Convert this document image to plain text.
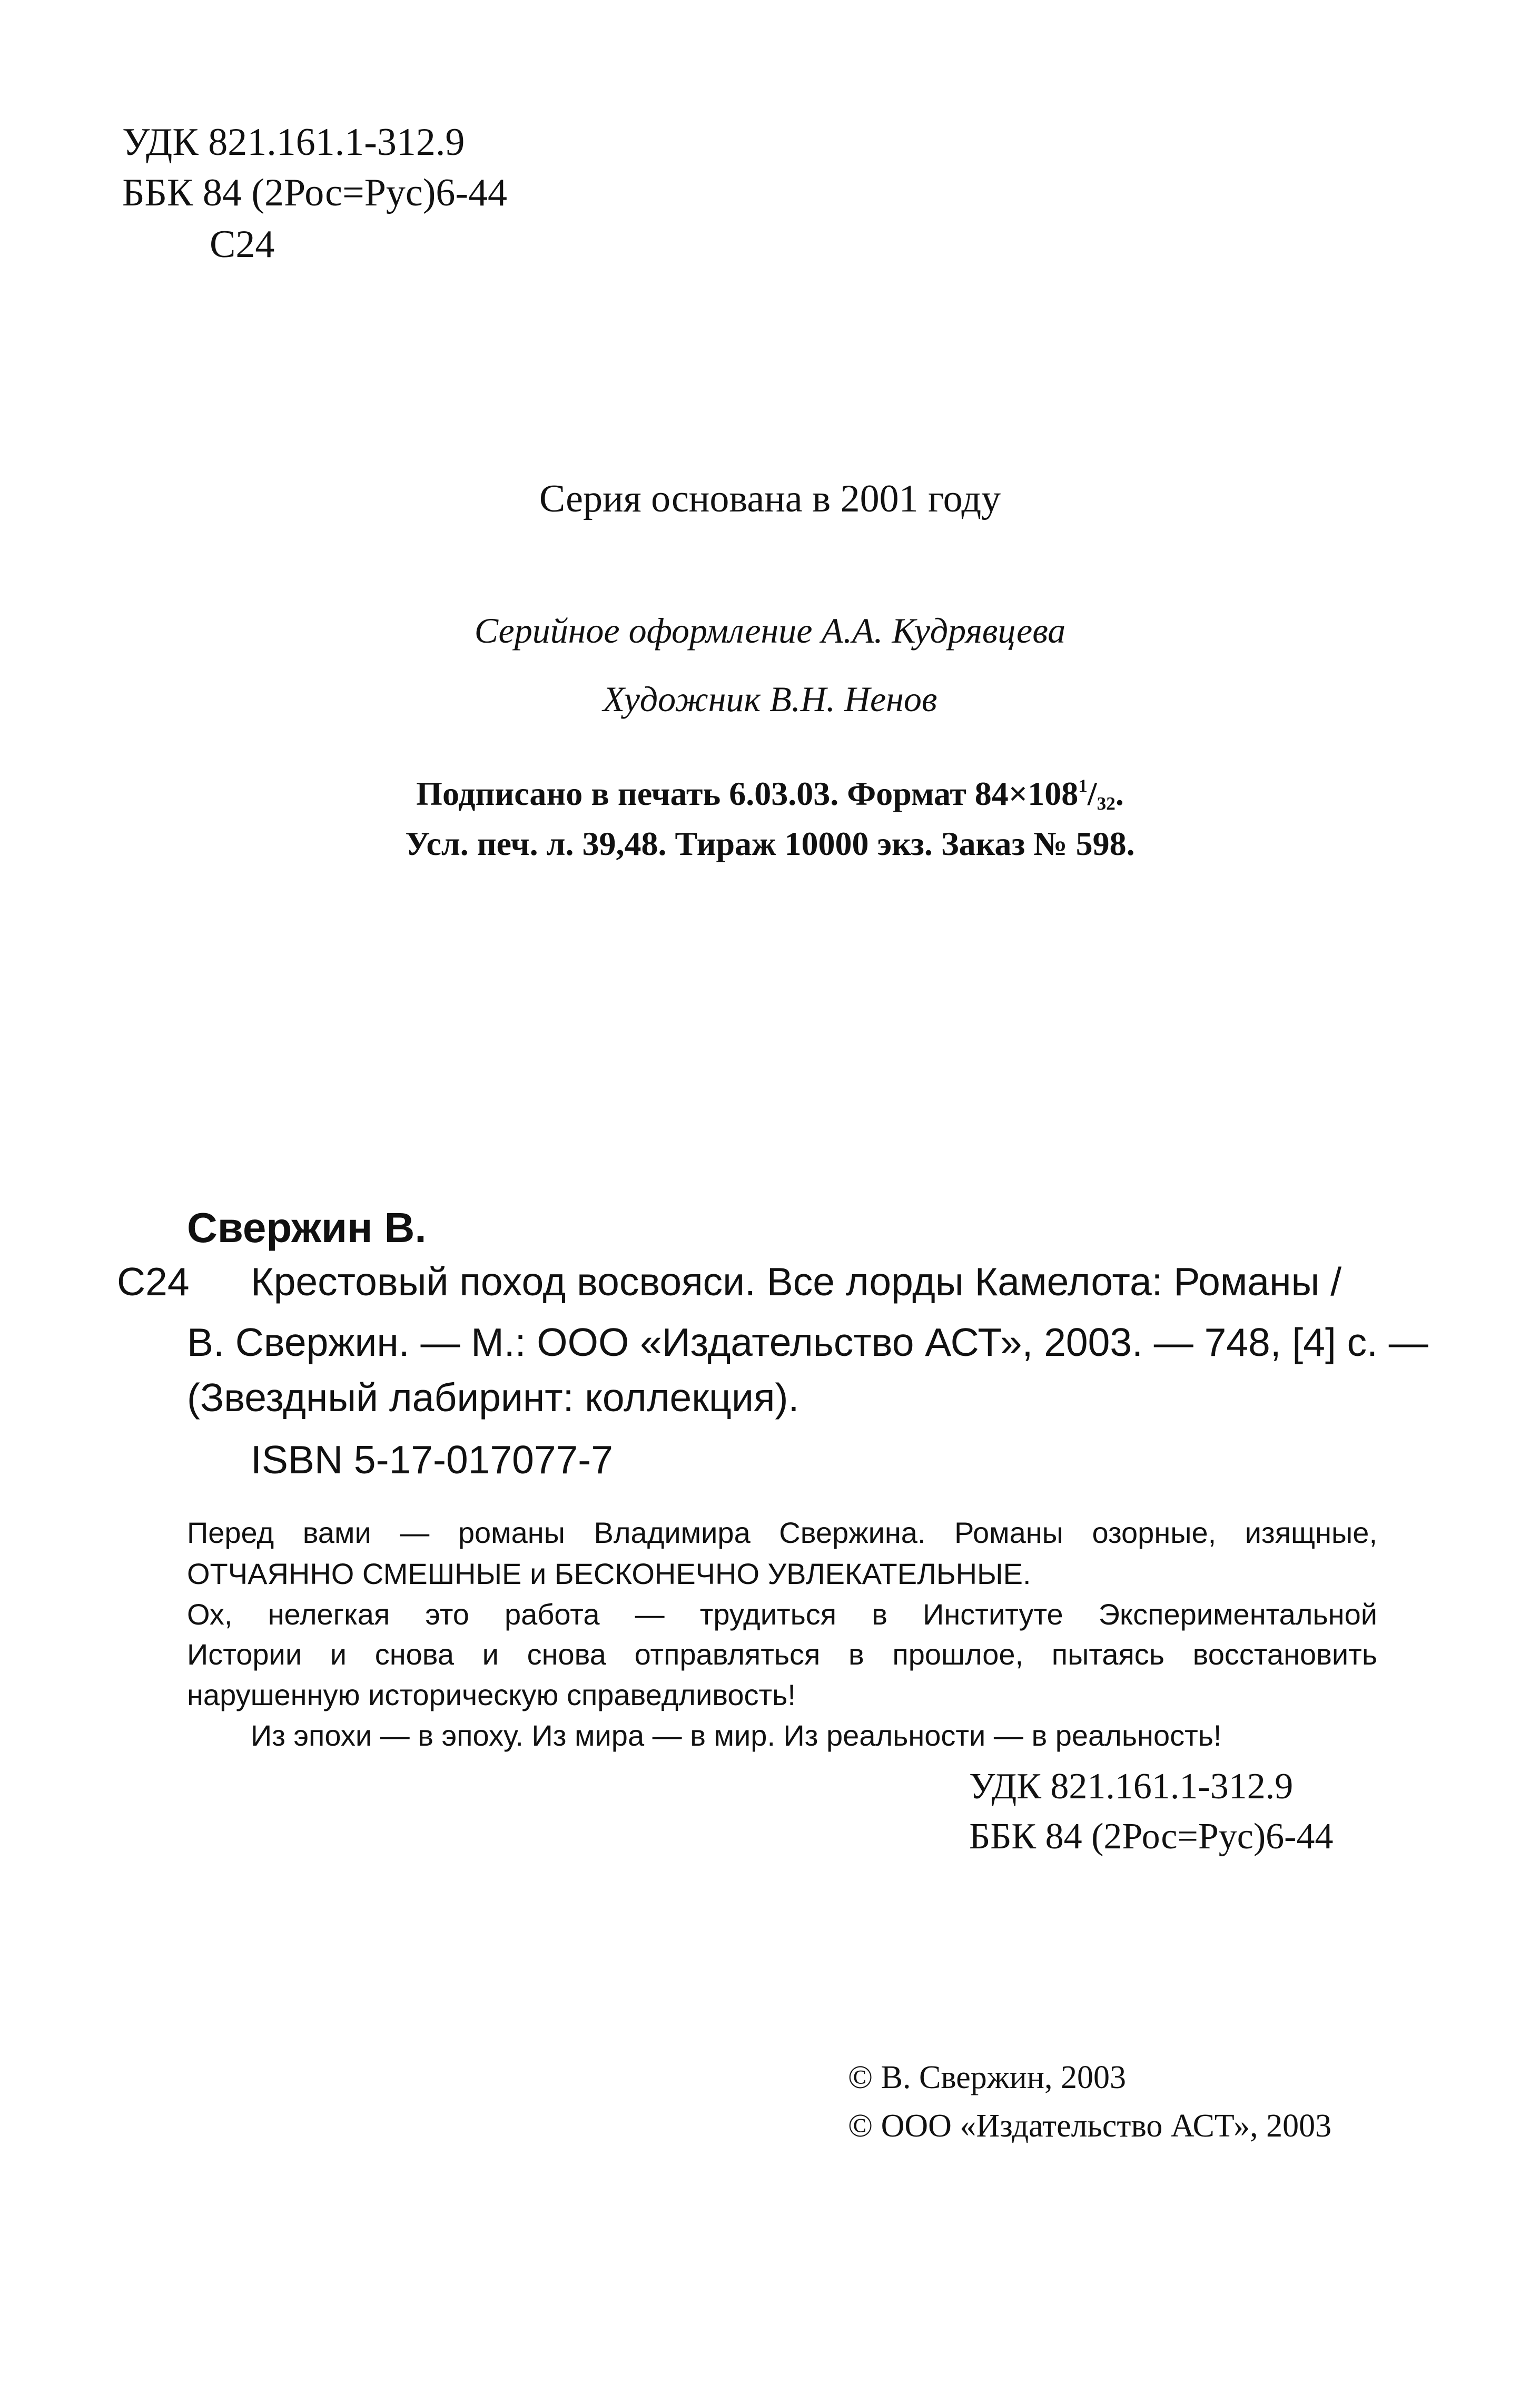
УДК 821.161.1-312.9
ББК 84 (2Рос=Рус)6-44
С24
Серия основана в 2001 году
Серийное оформление А.А. Кудрявцева
Художник В.Н. Ненов
Подписано в печать 6.03.03. Формат $84\times 108^1/_{32}$.
Усл. печ. л. 39,48. Тираж 10000 экз. Заказ № 598.
Свержин В.
С24 Крестовый поход восвояси. Все лорды Камелота: Романы /
В. Свержин. — М.: ООО «Издательство АСТ», 2003. — 748, [4] с. —
(Звездный лабиринт: коллекция).
ISBN 5-17-017077-7
Перед вами — романы Владимира Свержина. Романы озорные, изящные,
ОТЧАЯННО СМЕШНЫЕ и БЕСКОНЕЧНО УВЛЕКАТЕЛЬНЫЕ.
Ох, нелегкая это работа — трудиться в Институте Экспериментальной
Истории и снова и снова отправляться в прошлое, пытаясь восстановить
нарушенную историческую справедливость!
Из эпохи — в эпоху. Из мира — в мир. Из реальности — в реальность!
УДК 821.161.1-312.9
ББК 84 (2Рос=Рус)6-44
© В. Свержин, 2003
© ООО «Издательство АСТ», 2003
